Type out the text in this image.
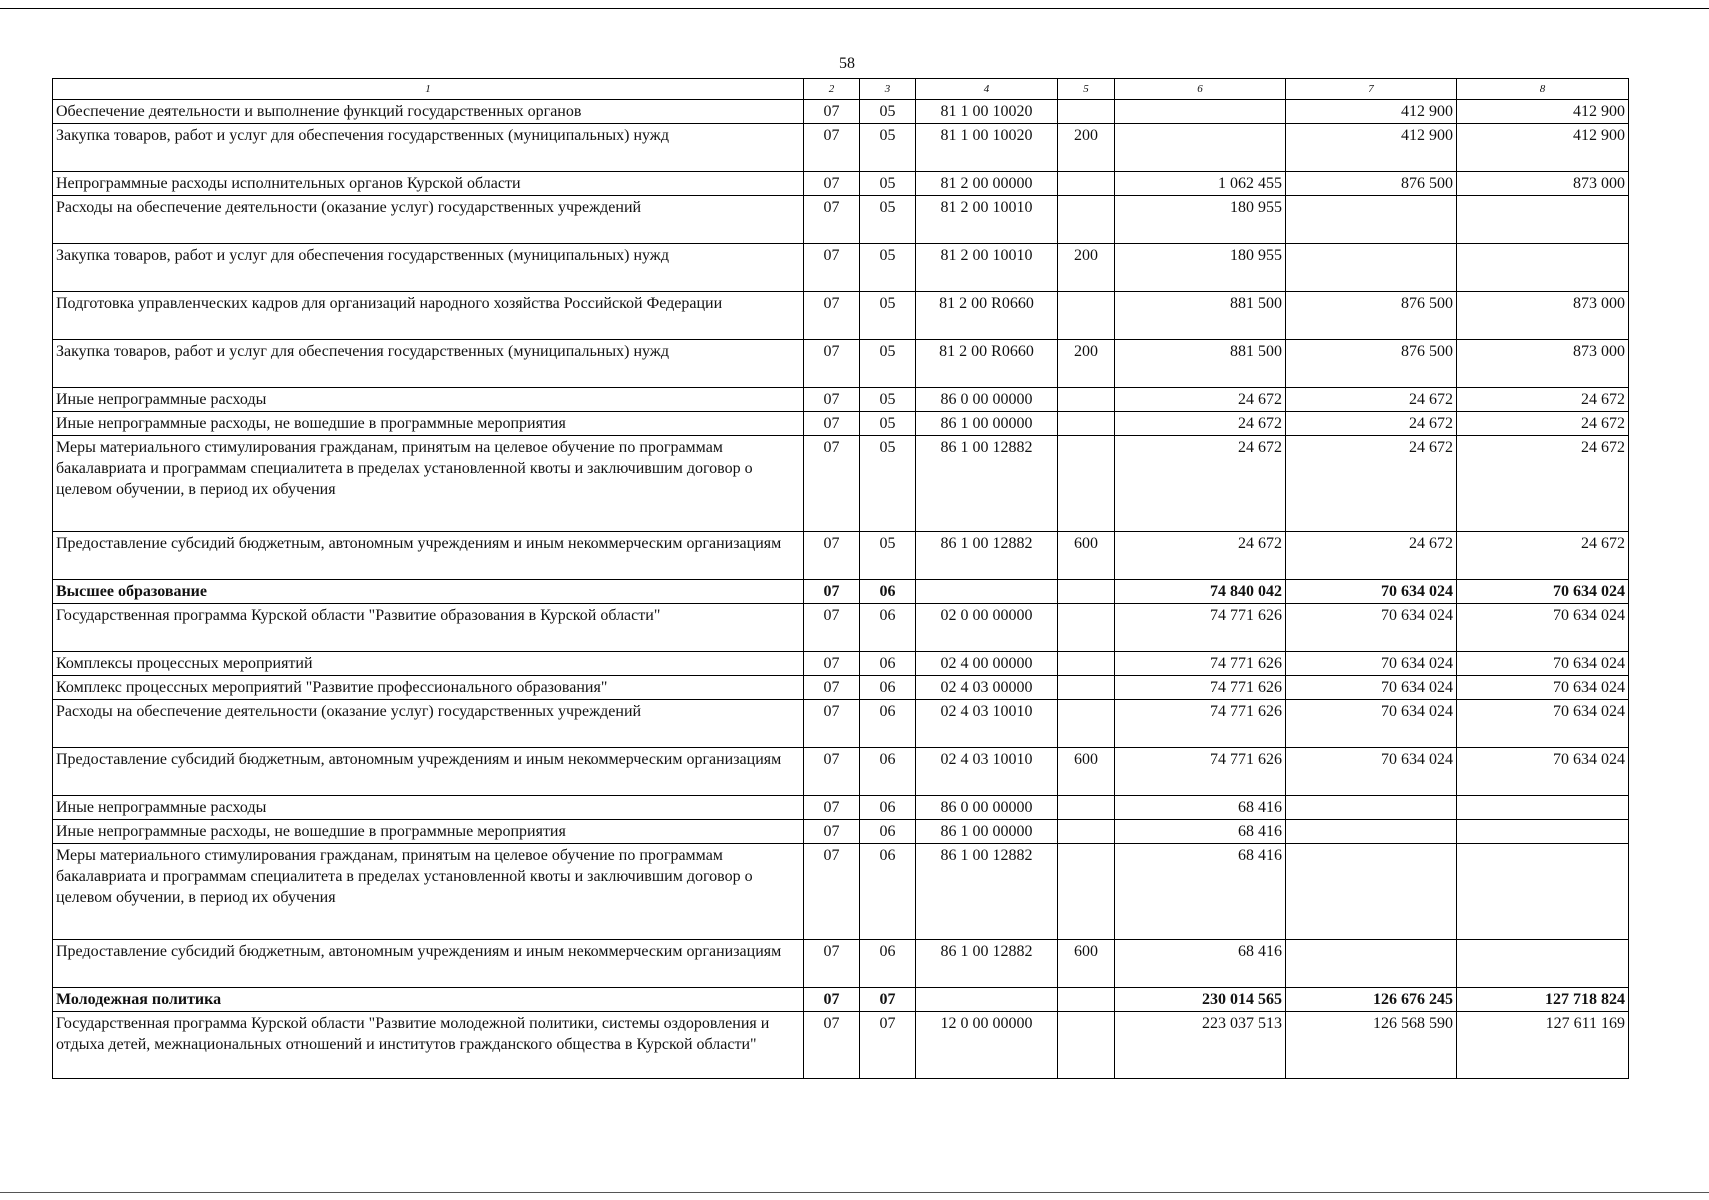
58
1	2	3	4	5	6	7	8
Обеспечение деятельности и выполнение функций государственных органов	07	05	81 1 00 10020			412 900	412 900
Закупка товаров, работ и услуг для обеспечения государственных (муниципальных) нужд	07	05	81 1 00 10020	200		412 900	412 900
Непрограммные расходы исполнительных органов Курской области	07	05	81 2 00 00000		1 062 455	876 500	873 000
Расходы на обеспечение деятельности (оказание услуг) государственных учреждений	07	05	81 2 00 10010		180 955		
Закупка товаров, работ и услуг для обеспечения государственных (муниципальных) нужд	07	05	81 2 00 10010	200	180 955		
Подготовка управленческих кадров для организаций народного хозяйства Российской Федерации	07	05	81 2 00 R0660		881 500	876 500	873 000
Закупка товаров, работ и услуг для обеспечения государственных (муниципальных) нужд	07	05	81 2 00 R0660	200	881 500	876 500	873 000
Иные непрограммные расходы	07	05	86 0 00 00000		24 672	24 672	24 672
Иные непрограммные расходы, не вошедшие в программные мероприятия	07	05	86 1 00 00000		24 672	24 672	24 672
Меры материального стимулирования гражданам, принятым на целевое обучение по программам бакалавриата и программам специалитета в пределах установленной квоты и заключившим договор о целевом обучении, в период их обучения	07	05	86 1 00 12882		24 672	24 672	24 672
Предоставление субсидий бюджетным, автономным учреждениям и иным некоммерческим организациям	07	05	86 1 00 12882	600	24 672	24 672	24 672
Высшее образование	07	06			74 840 042	70 634 024	70 634 024
Государственная программа Курской области "Развитие образования в Курской области"	07	06	02 0 00 00000		74 771 626	70 634 024	70 634 024
Комплексы процессных мероприятий	07	06	02 4 00 00000		74 771 626	70 634 024	70 634 024
Комплекс процессных мероприятий "Развитие профессионального образования"	07	06	02 4 03 00000		74 771 626	70 634 024	70 634 024
Расходы на обеспечение деятельности (оказание услуг) государственных учреждений	07	06	02 4 03 10010		74 771 626	70 634 024	70 634 024
Предоставление субсидий бюджетным, автономным учреждениям и иным некоммерческим организациям	07	06	02 4 03 10010	600	74 771 626	70 634 024	70 634 024
Иные непрограммные расходы	07	06	86 0 00 00000		68 416		
Иные непрограммные расходы, не вошедшие в программные мероприятия	07	06	86 1 00 00000		68 416		
Меры материального стимулирования гражданам, принятым на целевое обучение по программам бакалавриата и программам специалитета в пределах установленной квоты и заключившим договор о целевом обучении, в период их обучения	07	06	86 1 00 12882		68 416		
Предоставление субсидий бюджетным, автономным учреждениям и иным некоммерческим организациям	07	06	86 1 00 12882	600	68 416		
Молодежная политика	07	07			230 014 565	126 676 245	127 718 824
Государственная программа Курской области "Развитие молодежной политики, системы оздоровления и отдыха детей, межнациональных отношений и институтов гражданского общества в Курской области"	07	07	12 0 00 00000		223 037 513	126 568 590	127 611 169
